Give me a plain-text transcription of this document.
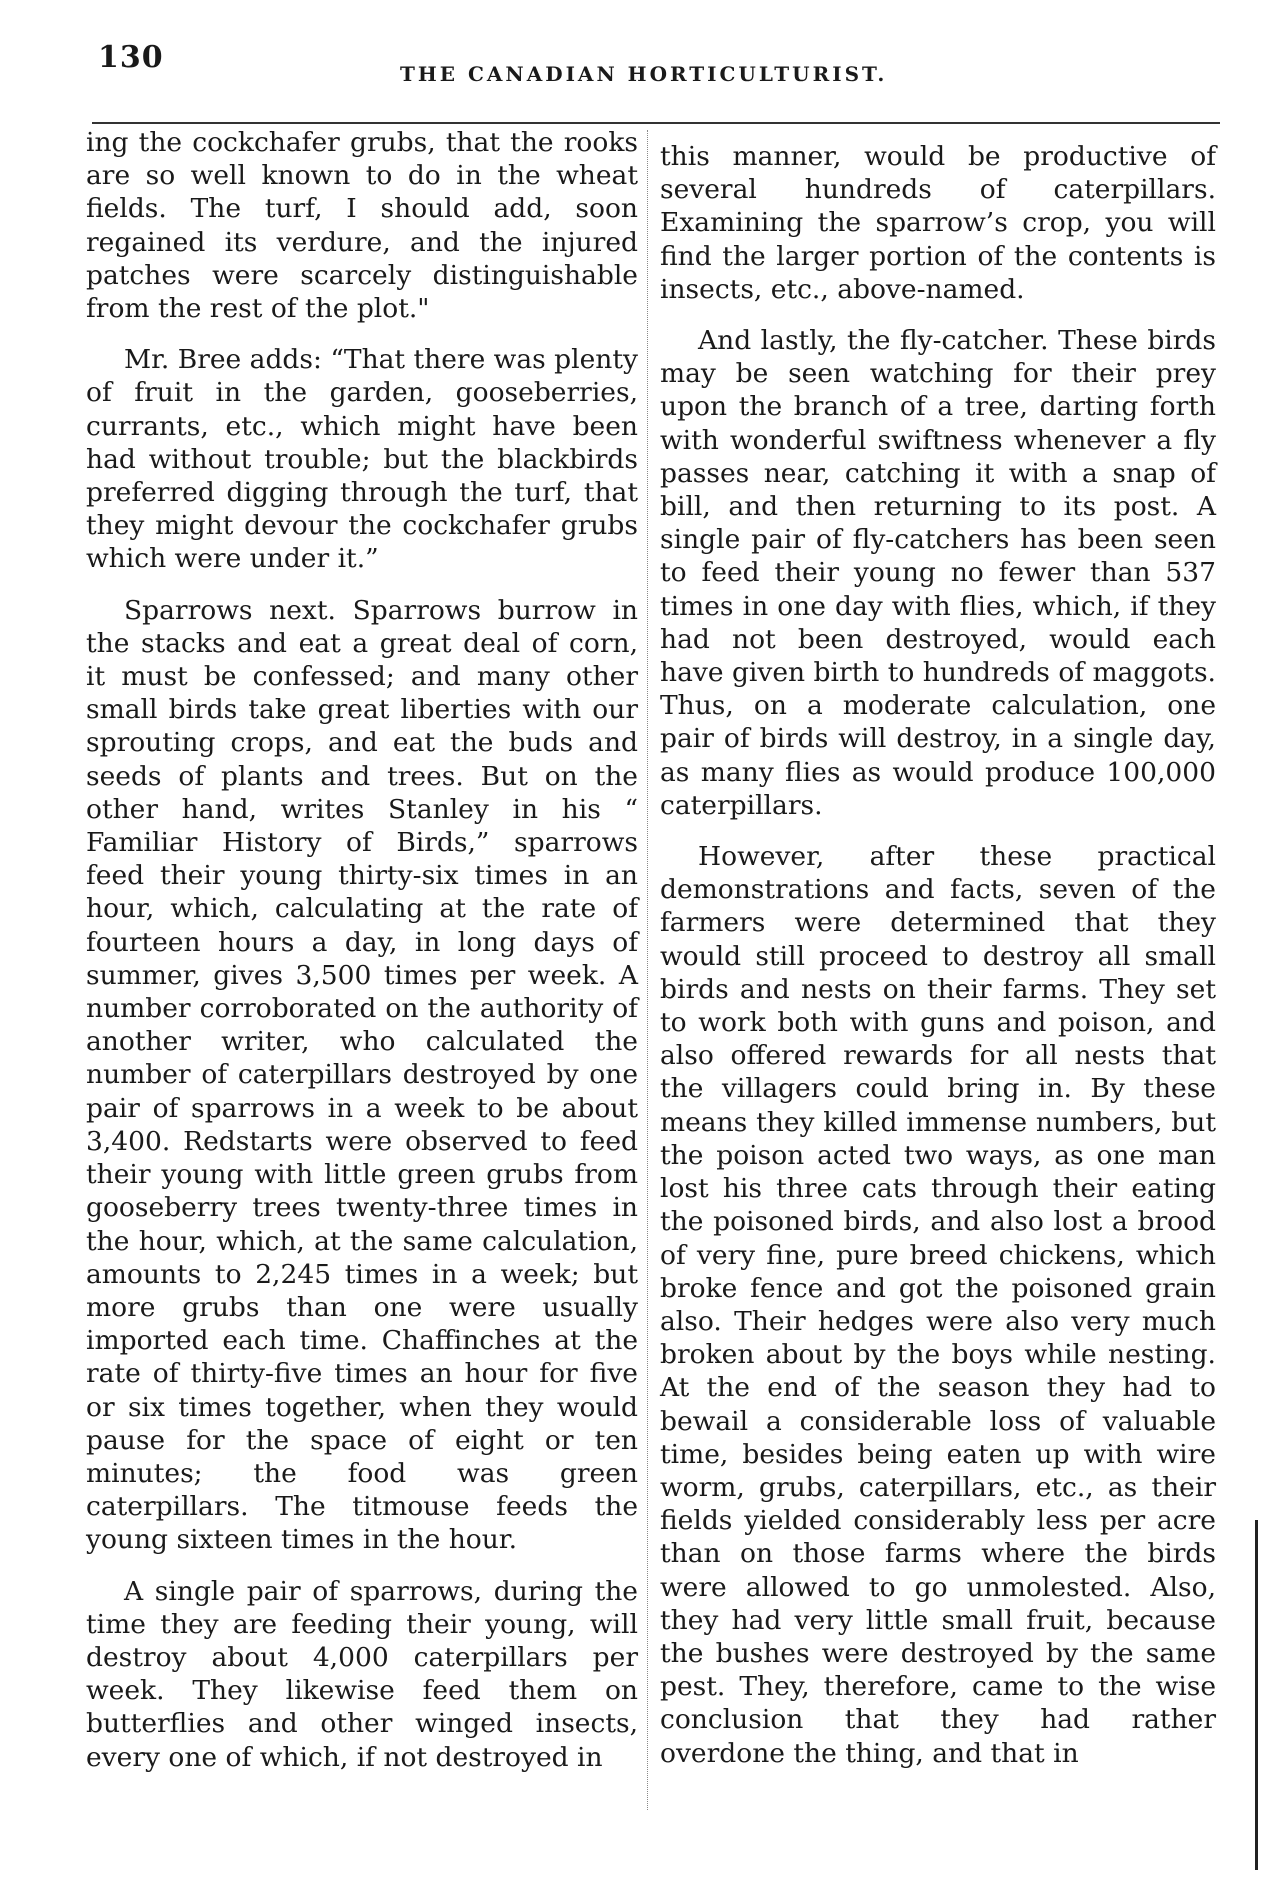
130	THE CANADIAN HORTICULTURIST.

ing the cockchafer grubs, that the rooks are so well known to do in the wheat fields. The turf, I should add, soon regained its verdure, and the injured patches were scarcely distinguishable from the rest of the plot."

Mr. Bree adds: “That there was plenty of fruit in the garden, gooseberries, currants, etc., which might have been had without trouble; but the blackbirds preferred digging through the turf, that they might devour the cockchafer grubs which were under it.”

Sparrows next. Sparrows burrow in the stacks and eat a great deal of corn, it must be confessed; and many other small birds take great liberties with our sprouting crops, and eat the buds and seeds of plants and trees. But on the other hand, writes Stanley in his “ Familiar History of Birds,” sparrows feed their young thirty-six times in an hour, which, calculating at the rate of fourteen hours a day, in long days of summer, gives 3,500 times per week. A number corroborated on the authority of another writer, who calculated the number of caterpillars destroyed by one pair of sparrows in a week to be about 3,400. Redstarts were observed to feed their young with little green grubs from gooseberry trees twenty-three times in the hour, which, at the same calculation, amounts to 2,245 times in a week; but more grubs than one were usually imported each time. Chaffinches at the rate of thirty-five times an hour for five or six times together, when they would pause for the space of eight or ten minutes; the food was green caterpillars. The titmouse feeds the young sixteen times in the hour.

A single pair of sparrows, during the time they are feeding their young, will destroy about 4,000 caterpillars per week. They likewise feed them on butterflies and other winged insects, every one of which, if not destroyed in

this manner, would be productive of several hundreds of caterpillars. Examining the sparrow’s crop, you will find the larger portion of the contents is insects, etc., above-named.

And lastly, the fly-catcher. These birds may be seen watching for their prey upon the branch of a tree, darting forth with wonderful swiftness whenever a fly passes near, catching it with a snap of bill, and then returning to its post. A single pair of fly-catchers has been seen to feed their young no fewer than 537 times in one day with flies, which, if they had not been destroyed, would each have given birth to hundreds of maggots. Thus, on a moderate calculation, one pair of birds will destroy, in a single day, as many flies as would produce 100,000 caterpillars.

However, after these practical demonstrations and facts, seven of the farmers were determined that they would still proceed to destroy all small birds and nests on their farms. They set to work both with guns and poison, and also offered rewards for all nests that the villagers could bring in. By these means they killed immense numbers, but the poison acted two ways, as one man lost his three cats through their eating the poisoned birds, and also lost a brood of very fine, pure breed chickens, which broke fence and got the poisoned grain also. Their hedges were also very much broken about by the boys while nesting. At the end of the season they had to bewail a considerable loss of valuable time, besides being eaten up with wire worm, grubs, caterpillars, etc., as their fields yielded considerably less per acre than on those farms where the birds were allowed to go unmolested. Also, they had very little small fruit, because the bushes were destroyed by the same pest. They, therefore, came to the wise conclusion that they had rather overdone the thing, and that in
